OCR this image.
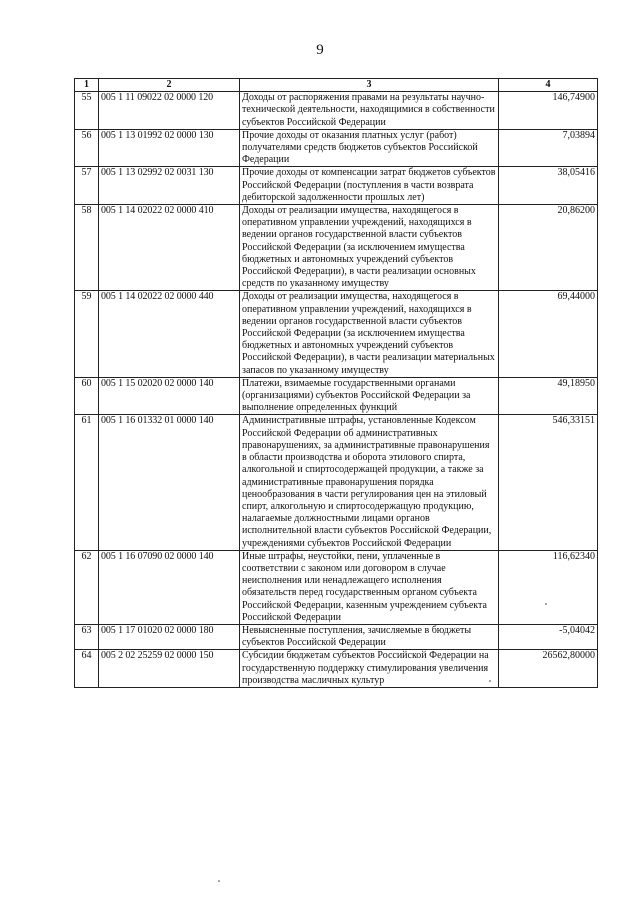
9
1	2	3	4
55	005 1 11 09022 02 0000 120	Доходы от распоряжения правами на результаты научно-технической деятельности, находящимися в собственности субъектов Российской Федерации	146,74900
56	005 1 13 01992 02 0000 130	Прочие доходы от оказания платных услуг (работ) получателями средств бюджетов субъектов Российской Федерации	7,03894
57	005 1 13 02992 02 0031 130	Прочие доходы от компенсации затрат бюджетов субъектов Российской Федерации (поступления в части возврата дебиторской задолженности прошлых лет)	38,05416
58	005 1 14 02022 02 0000 410	Доходы от реализации имущества, находящегося в оперативном управлении учреждений, находящихся в ведении органов государственной власти субъектов Российской Федерации (за исключением имущества бюджетных и автономных учреждений субъектов Российской Федерации), в части реализации основных средств по указанному имуществу	20,86200
59	005 1 14 02022 02 0000 440	Доходы от реализации имущества, находящегося в оперативном управлении учреждений, находящихся в ведении органов государственной власти субъектов Российской Федерации (за исключением имущества бюджетных и автономных учреждений субъектов Российской Федерации), в части реализации материальных запасов по указанному имуществу	69,44000
60	005 1 15 02020 02 0000 140	Платежи, взимаемые государственными органами (организациями) субъектов Российской Федерации за выполнение определенных функций	49,18950
61	005 1 16 01332 01 0000 140	Административные штрафы, установленные Кодексом Российской Федерации об административных правонарушениях, за административные правонарушения в области производства и оборота этилового спирта, алкогольной и спиртосодержащей продукции, а также за административные правонарушения порядка ценообразования в части регулирования цен на этиловый спирт, алкогольную и спиртосодержащую продукцию, налагаемые должностными лицами органов исполнительной власти субъектов Российской Федерации, учреждениями субъектов Российской Федерации	546,33151
62	005 1 16 07090 02 0000 140	Иные штрафы, неустойки, пени, уплаченные в соответствии с законом или договором в случае неисполнения или ненадлежащего исполнения обязательств перед государственным органом субъекта Российской Федерации, казенным учреждением субъекта Российской Федерации	116,62340
63	005 1 17 01020 02 0000 180	Невыясненные поступления, зачисляемые в бюджеты субъектов Российской Федерации	-5,04042
64	005 2 02 25259 02 0000 150	Субсидии бюджетам субъектов Российской Федерации на государственную поддержку стимулирования увеличения производства масличных культур	26562,80000
